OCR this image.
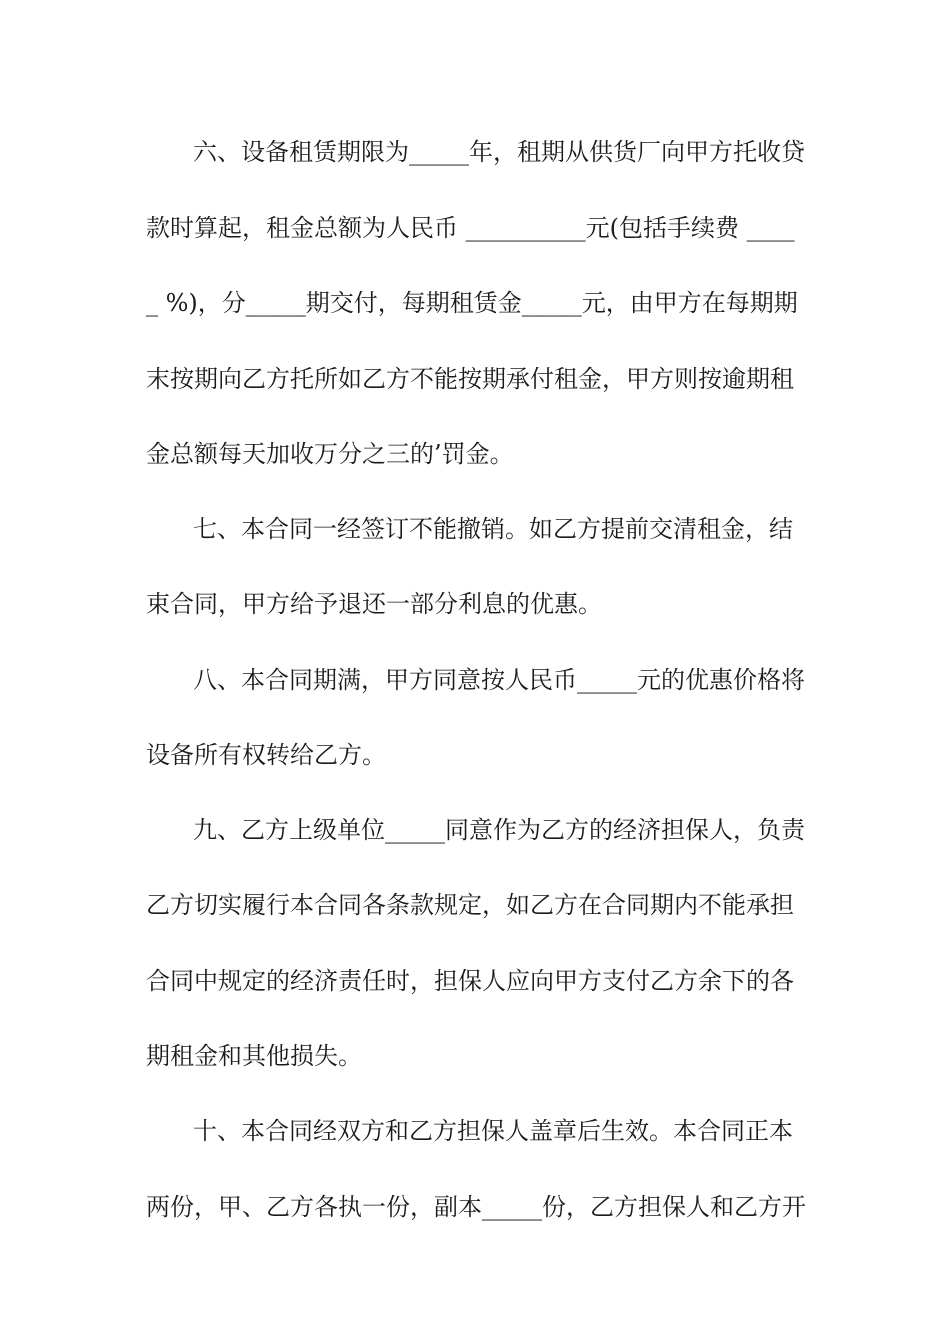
六、设备租赁期限为_____年，租期从供货厂向甲方托收贷
款时算起，租金总额为人民币 __________元(包括手续费 ____
_ %)，分_____期交付，每期租赁金_____元，由甲方在每期期
末按期向乙方托所如乙方不能按期承付租金，甲方则按逾期租
金总额每天加收万分之三的’罚金。
七、本合同一经签订不能撤销。如乙方提前交清租金，结
束合同，甲方给予退还一部分利息的优惠。
八、本合同期满，甲方同意按人民币_____元的优惠价格将
设备所有权转给乙方。
九、乙方上级单位_____同意作为乙方的经济担保人，负责
乙方切实履行本合同各条款规定，如乙方在合同期内不能承担
合同中规定的经济责任时，担保人应向甲方支付乙方余下的各
期租金和其他损失。
十、本合同经双方和乙方担保人盖章后生效。本合同正本
两份，甲、乙方各执一份，副本_____份，乙方担保人和乙方开
